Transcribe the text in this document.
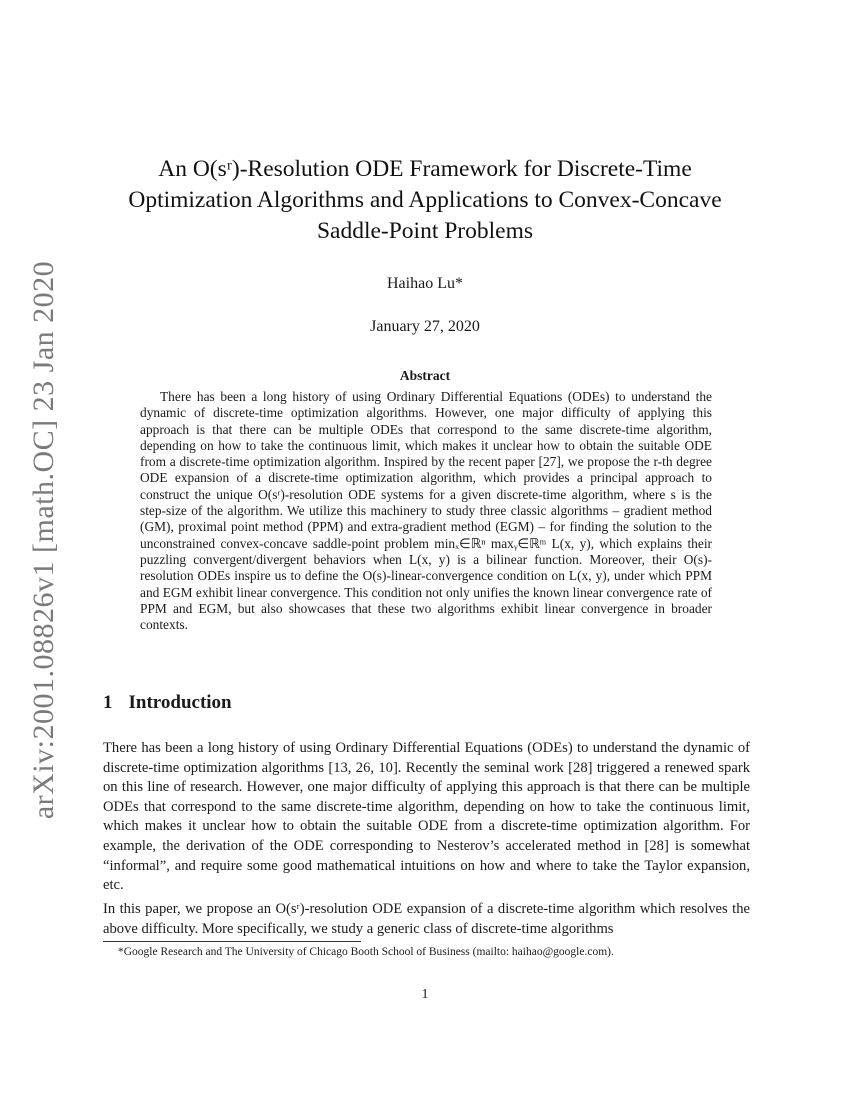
arXiv:2001.08826v1 [math.OC] 23 Jan 2020
An O(sʳ)-Resolution ODE Framework for Discrete-Time
Optimization Algorithms and Applications to Convex-Concave
Saddle-Point Problems
Haihao Lu*
January 27, 2020
Abstract
There has been a long history of using Ordinary Differential Equations (ODEs) to understand the dynamic of discrete-time optimization algorithms. However, one major difficulty of applying this approach is that there can be multiple ODEs that correspond to the same discrete-time algorithm, depending on how to take the continuous limit, which makes it unclear how to obtain the suitable ODE from a discrete-time optimization algorithm. Inspired by the recent paper [27], we propose the r-th degree ODE expansion of a discrete-time optimization algorithm, which provides a principal approach to construct the unique O(sʳ)-resolution ODE systems for a given discrete-time algorithm, where s is the step-size of the algorithm. We utilize this machinery to study three classic algorithms – gradient method (GM), proximal point method (PPM) and extra-gradient method (EGM) – for finding the solution to the unconstrained convex-concave saddle-point problem minₓ∈ℝⁿ maxᵧ∈ℝᵐ L(x, y), which explains their puzzling convergent/divergent behaviors when L(x, y) is a bilinear function. Moreover, their O(s)-resolution ODEs inspire us to define the O(s)-linear-convergence condition on L(x, y), under which PPM and EGM exhibit linear convergence. This condition not only unifies the known linear convergence rate of PPM and EGM, but also showcases that these two algorithms exhibit linear convergence in broader contexts.
1 Introduction
There has been a long history of using Ordinary Differential Equations (ODEs) to understand the dynamic of discrete-time optimization algorithms [13, 26, 10]. Recently the seminal work [28] triggered a renewed spark on this line of research. However, one major difficulty of applying this approach is that there can be multiple ODEs that correspond to the same discrete-time algorithm, depending on how to take the continuous limit, which makes it unclear how to obtain the suitable ODE from a discrete-time optimization algorithm. For example, the derivation of the ODE corresponding to Nesterov’s accelerated method in [28] is somewhat “informal”, and require some good mathematical intuitions on how and where to take the Taylor expansion, etc.
In this paper, we propose an O(sʳ)-resolution ODE expansion of a discrete-time algorithm which resolves the above difficulty. More specifically, we study a generic class of discrete-time algorithms
*Google Research and The University of Chicago Booth School of Business (mailto: haihao@google.com).
1
